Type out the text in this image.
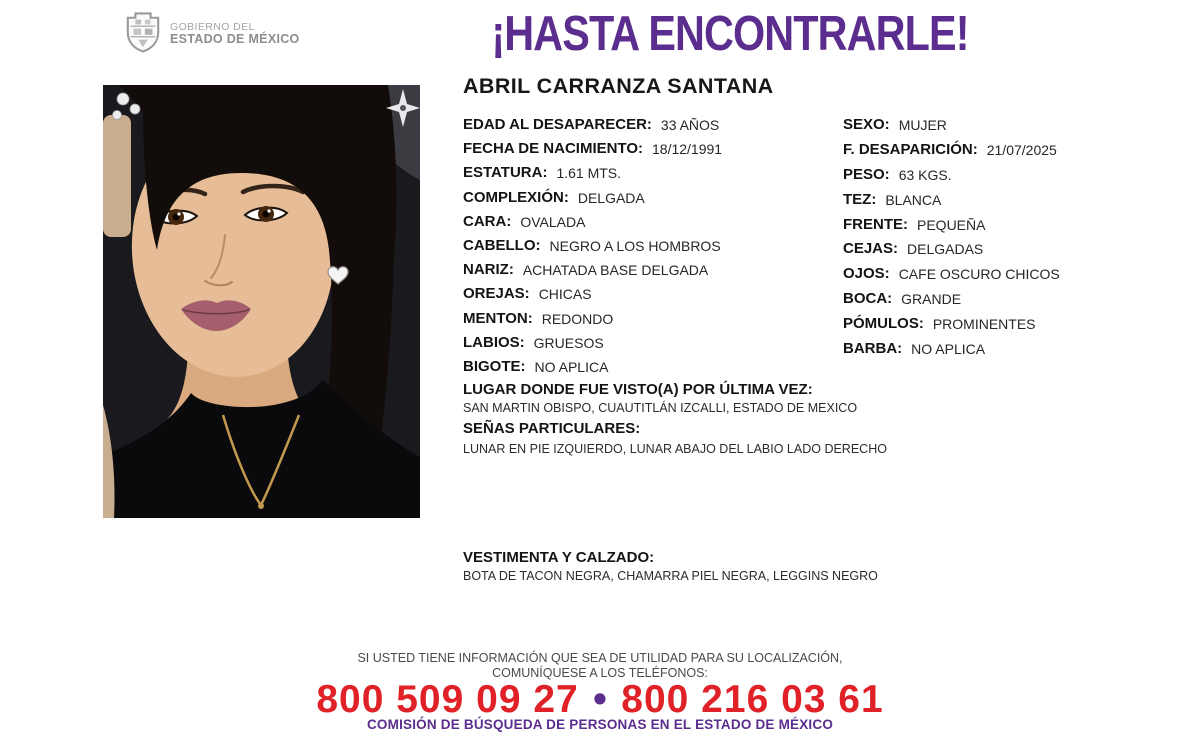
GOBIERNO DEL
ESTADO DE MÉXICO	¡HASTA ENCONTRARLE!
ABRIL CARRANZA SANTANA
EDAD AL DESAPARECER: 33 AÑOS
FECHA DE NACIMIENTO: 18/12/1991
ESTATURA: 1.61 MTS.
COMPLEXIÓN: DELGADA
CARA: OVALADA
CABELLO: NEGRO A LOS HOMBROS
NARIZ: ACHATADA BASE DELGADA
OREJAS: CHICAS
MENTON: REDONDO
LABIOS: GRUESOS
BIGOTE: NO APLICA
SEXO: MUJER
F. DESAPARICIÓN: 21/07/2025
PESO: 63 KGS.
TEZ: BLANCA
FRENTE: PEQUEÑA
CEJAS: DELGADAS
OJOS: CAFE OSCURO CHICOS
BOCA: GRANDE
PÓMULOS: PROMINENTES
BARBA: NO APLICA
LUGAR DONDE FUE VISTO(A) POR ÚLTIMA VEZ:
SAN MARTIN OBISPO, CUAUTITLÁN IZCALLI, ESTADO DE MEXICO
SEÑAS PARTICULARES:
LUNAR EN PIE IZQUIERDO, LUNAR ABAJO DEL LABIO LADO DERECHO
VESTIMENTA Y CALZADO:
BOTA DE TACON NEGRA, CHAMARRA PIEL NEGRA, LEGGINS NEGRO
SI USTED TIENE INFORMACIÓN QUE SEA DE UTILIDAD PARA SU LOCALIZACIÓN,
COMUNÍQUESE A LOS TELÉFONOS:
800 509 09 27 • 800 216 03 61
COMISIÓN DE BÚSQUEDA DE PERSONAS EN EL ESTADO DE MÉXICO
